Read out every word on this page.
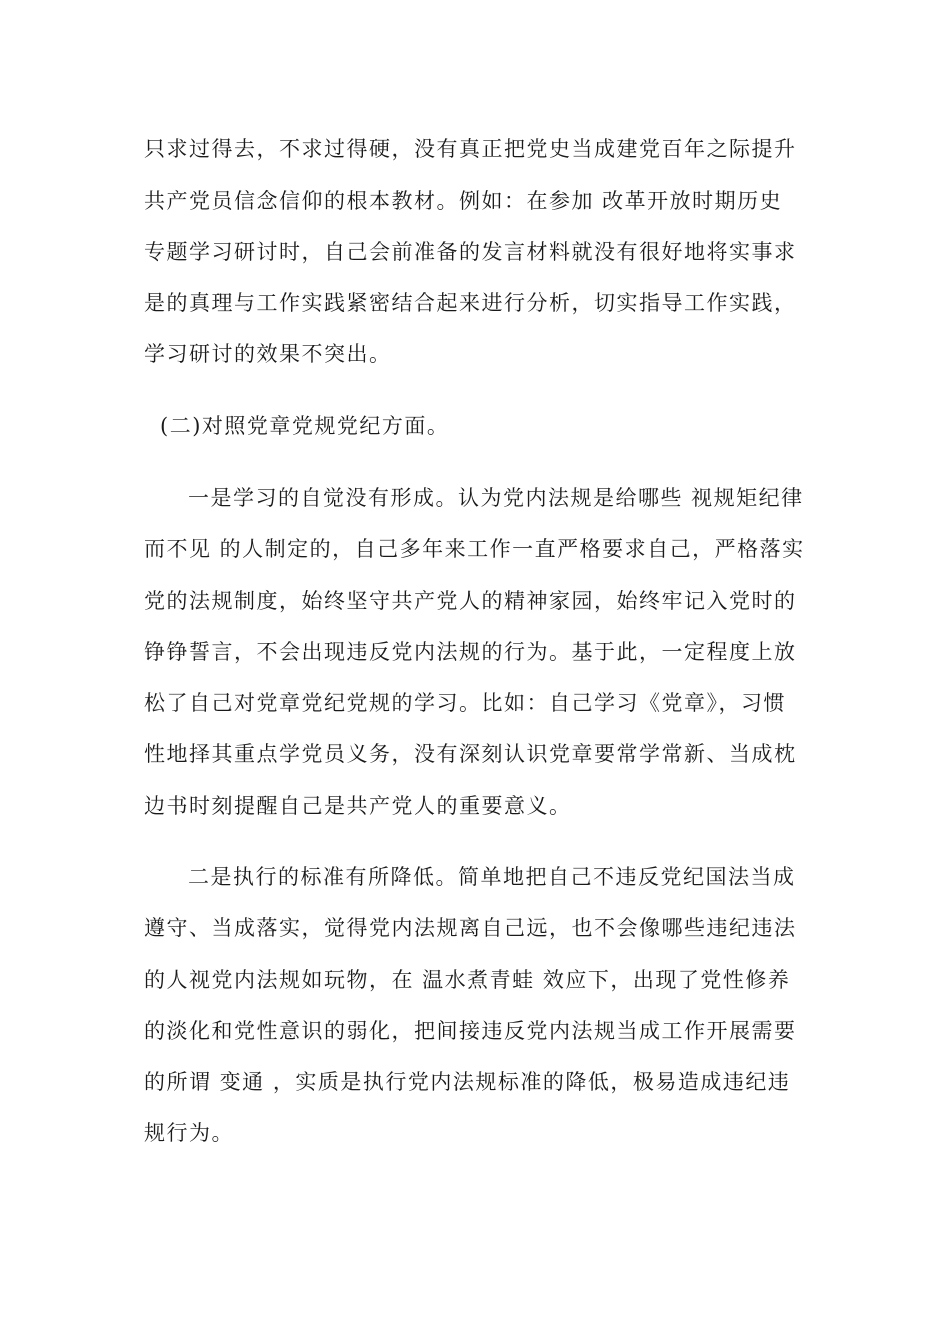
只求过得去，不求过得硬，没有真正把党史当成建党百年之际提升
共产党员信念信仰的根本教材。例如：在参加 改革开放时期历史
专题学习研讨时，自己会前准备的发言材料就没有很好地将实事求
是的真理与工作实践紧密结合起来进行分析，切实指导工作实践，
学习研讨的效果不突出。
(二)对照党章党规党纪方面。
一是学习的自觉没有形成。认为党内法规是给哪些 视规矩纪律
而不见 的人制定的，自己多年来工作一直严格要求自己，严格落实
党的法规制度，始终坚守共产党人的精神家园，始终牢记入党时的
铮铮誓言，不会出现违反党内法规的行为。基于此，一定程度上放
松了自己对党章党纪党规的学习。比如：自己学习《党章》，习惯
性地择其重点学党员义务，没有深刻认识党章要常学常新、当成枕
边书时刻提醒自己是共产党人的重要意义。
二是执行的标准有所降低。简单地把自己不违反党纪国法当成
遵守、当成落实，觉得党内法规离自己远，也不会像哪些违纪违法
的人视党内法规如玩物，在 温水煮青蛙 效应下，出现了党性修养
的淡化和党性意识的弱化，把间接违反党内法规当成工作开展需要
的所谓 变通 ，实质是执行党内法规标准的降低，极易造成违纪违
规行为。
